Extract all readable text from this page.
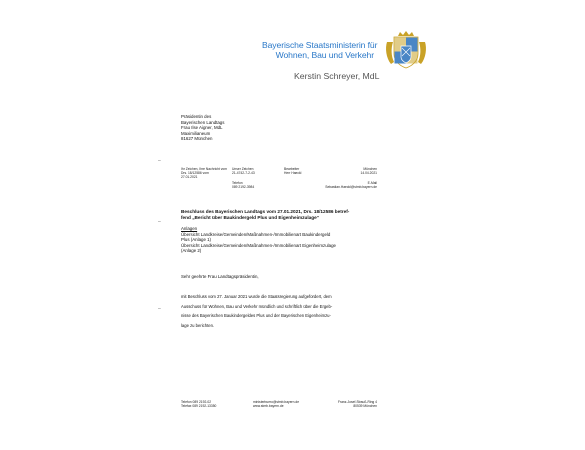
Bayerische Staatsministerin für
Wohnen, Bau und Verkehr
Kerstin Schreyer, MdL
–
–
–
Präsidentin des
Bayerischen Landtags
Frau Ilse Aigner, MdL
Maximilianeum
81627 München
Ihr Zeichen, Ihre Nachricht vom
Drs. 18/12586 vom
27.01.2021
Unser Zeichen
21-4742-7-2-43
Telefon
089 2192-3984
Bearbeiter
Herr Haeckl
München
14.04.2021
E-Mail
Sebastian.Haeckl@stmb.bayern.de
Beschluss des Bayerischen Landtags vom 27.01.2021, Drs. 18/12586 betref-
fend „Bericht über Baukindergeld Plus und Eigenheimzulage“
Anlagen
Übersicht Landkreise/Gemeinden/Maßnahmen-/Immobilienart Baukindergeld
Plus (Anlage 1)
Übersicht Landkreise/Gemeinden/Maßnahmen-/Immobilienart Eigenheimzulage
(Anlage 2)
Sehr geehrte Frau Landtagspräsidentin,
mit Beschluss vom 27. Januar 2021 wurde die Staatsregierung aufgefordert, dem
Ausschuss für Wohnen, Bau und Verkehr mündlich und schriftlich über die Ergeb-
nisse des Bayerischen Baukindergeldes Plus und der Bayerischen Eigenheimzu-
lage zu berichten.
Telefon 089 2192-02
Telefax 089 2192-13350
ministerbuero@stmb.bayern.de
www.stmb.bayern.de
Franz-Josef-Strauß-Ring 4
80539 München
